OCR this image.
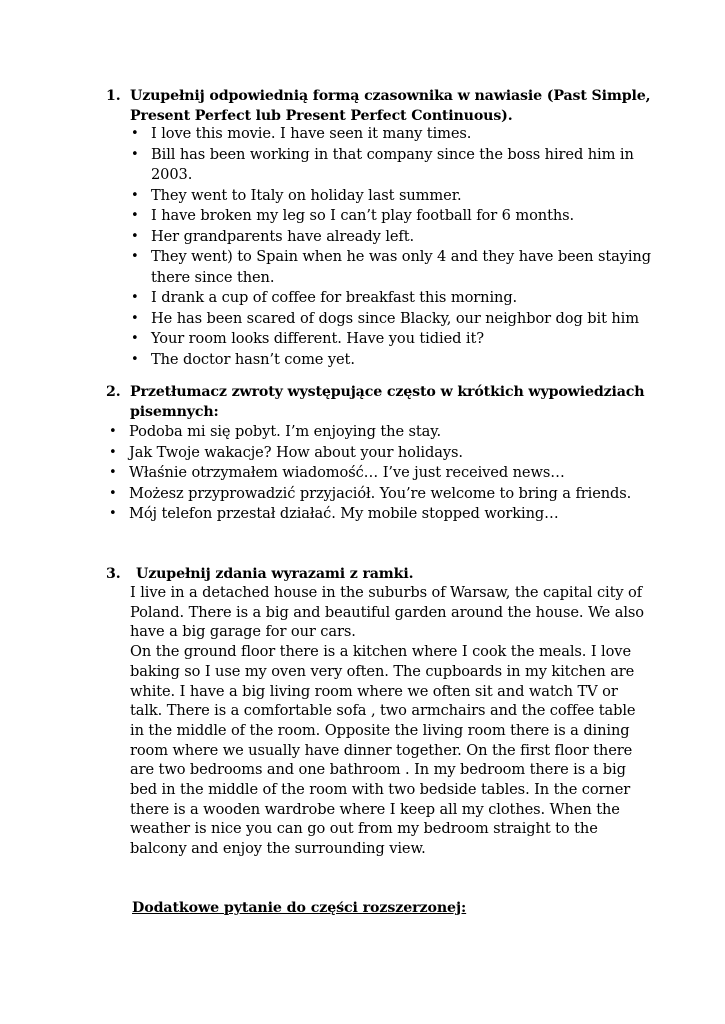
1. Uzupełnij odpowiednią formą czasownika w nawiasie (Past Simple,
Present Perfect lub Present Perfect Continuous).
• I love this movie. I have seen it many times.
• Bill has been working in that company since the boss hired him in 2003.
• They went to Italy on holiday last summer.
• I have broken my leg so I can’t play football for 6 months.
• Her grandparents have already left.
• They went) to Spain when he was only 4 and they have been staying there since then.
• I drank a cup of coffee for breakfast this morning.
• He has been scared of dogs since Blacky, our neighbor dog bit him
• Your room looks different. Have you tidied it?
• The doctor hasn’t come yet.
2. Przetłumacz zwroty występujące często w krótkich wypowiedziach
pisemnych:
• Podoba mi się pobyt. I’m enjoying the stay.
• Jak Twoje wakacje? How about your holidays.
• Właśnie otrzymałem wiadomość… I’ve just received news…
• Możesz przyprowadzić przyjaciół. You’re welcome to bring a friends.
• Mój telefon przestał działać. My mobile stopped working…
3.	Uzupełnij zdania wyrazami z ramki.

I live in a detached house in the suburbs of Warsaw, the capital city of Poland. There is a big and beautiful garden around the house. We also have a big garage for our cars.

On the ground floor there is a kitchen where I cook the meals. I love baking so I use my oven very often. The cupboards in my kitchen are white. I have a big living room where we often sit and watch TV or talk. There is a comfortable sofa , two armchairs and the coffee table in the middle of the room. Opposite the living room there is a dining room where we usually have dinner together. On the first floor there are two bedrooms and one bathroom . In my bedroom there is a big bed in the middle of the room with two bedside tables. In the corner there is a wooden wardrobe where I keep all my clothes. When the weather is nice you can go out from my bedroom straight to the balcony and enjoy the surrounding view.

Dodatkowe pytanie do części rozszerzonej:
